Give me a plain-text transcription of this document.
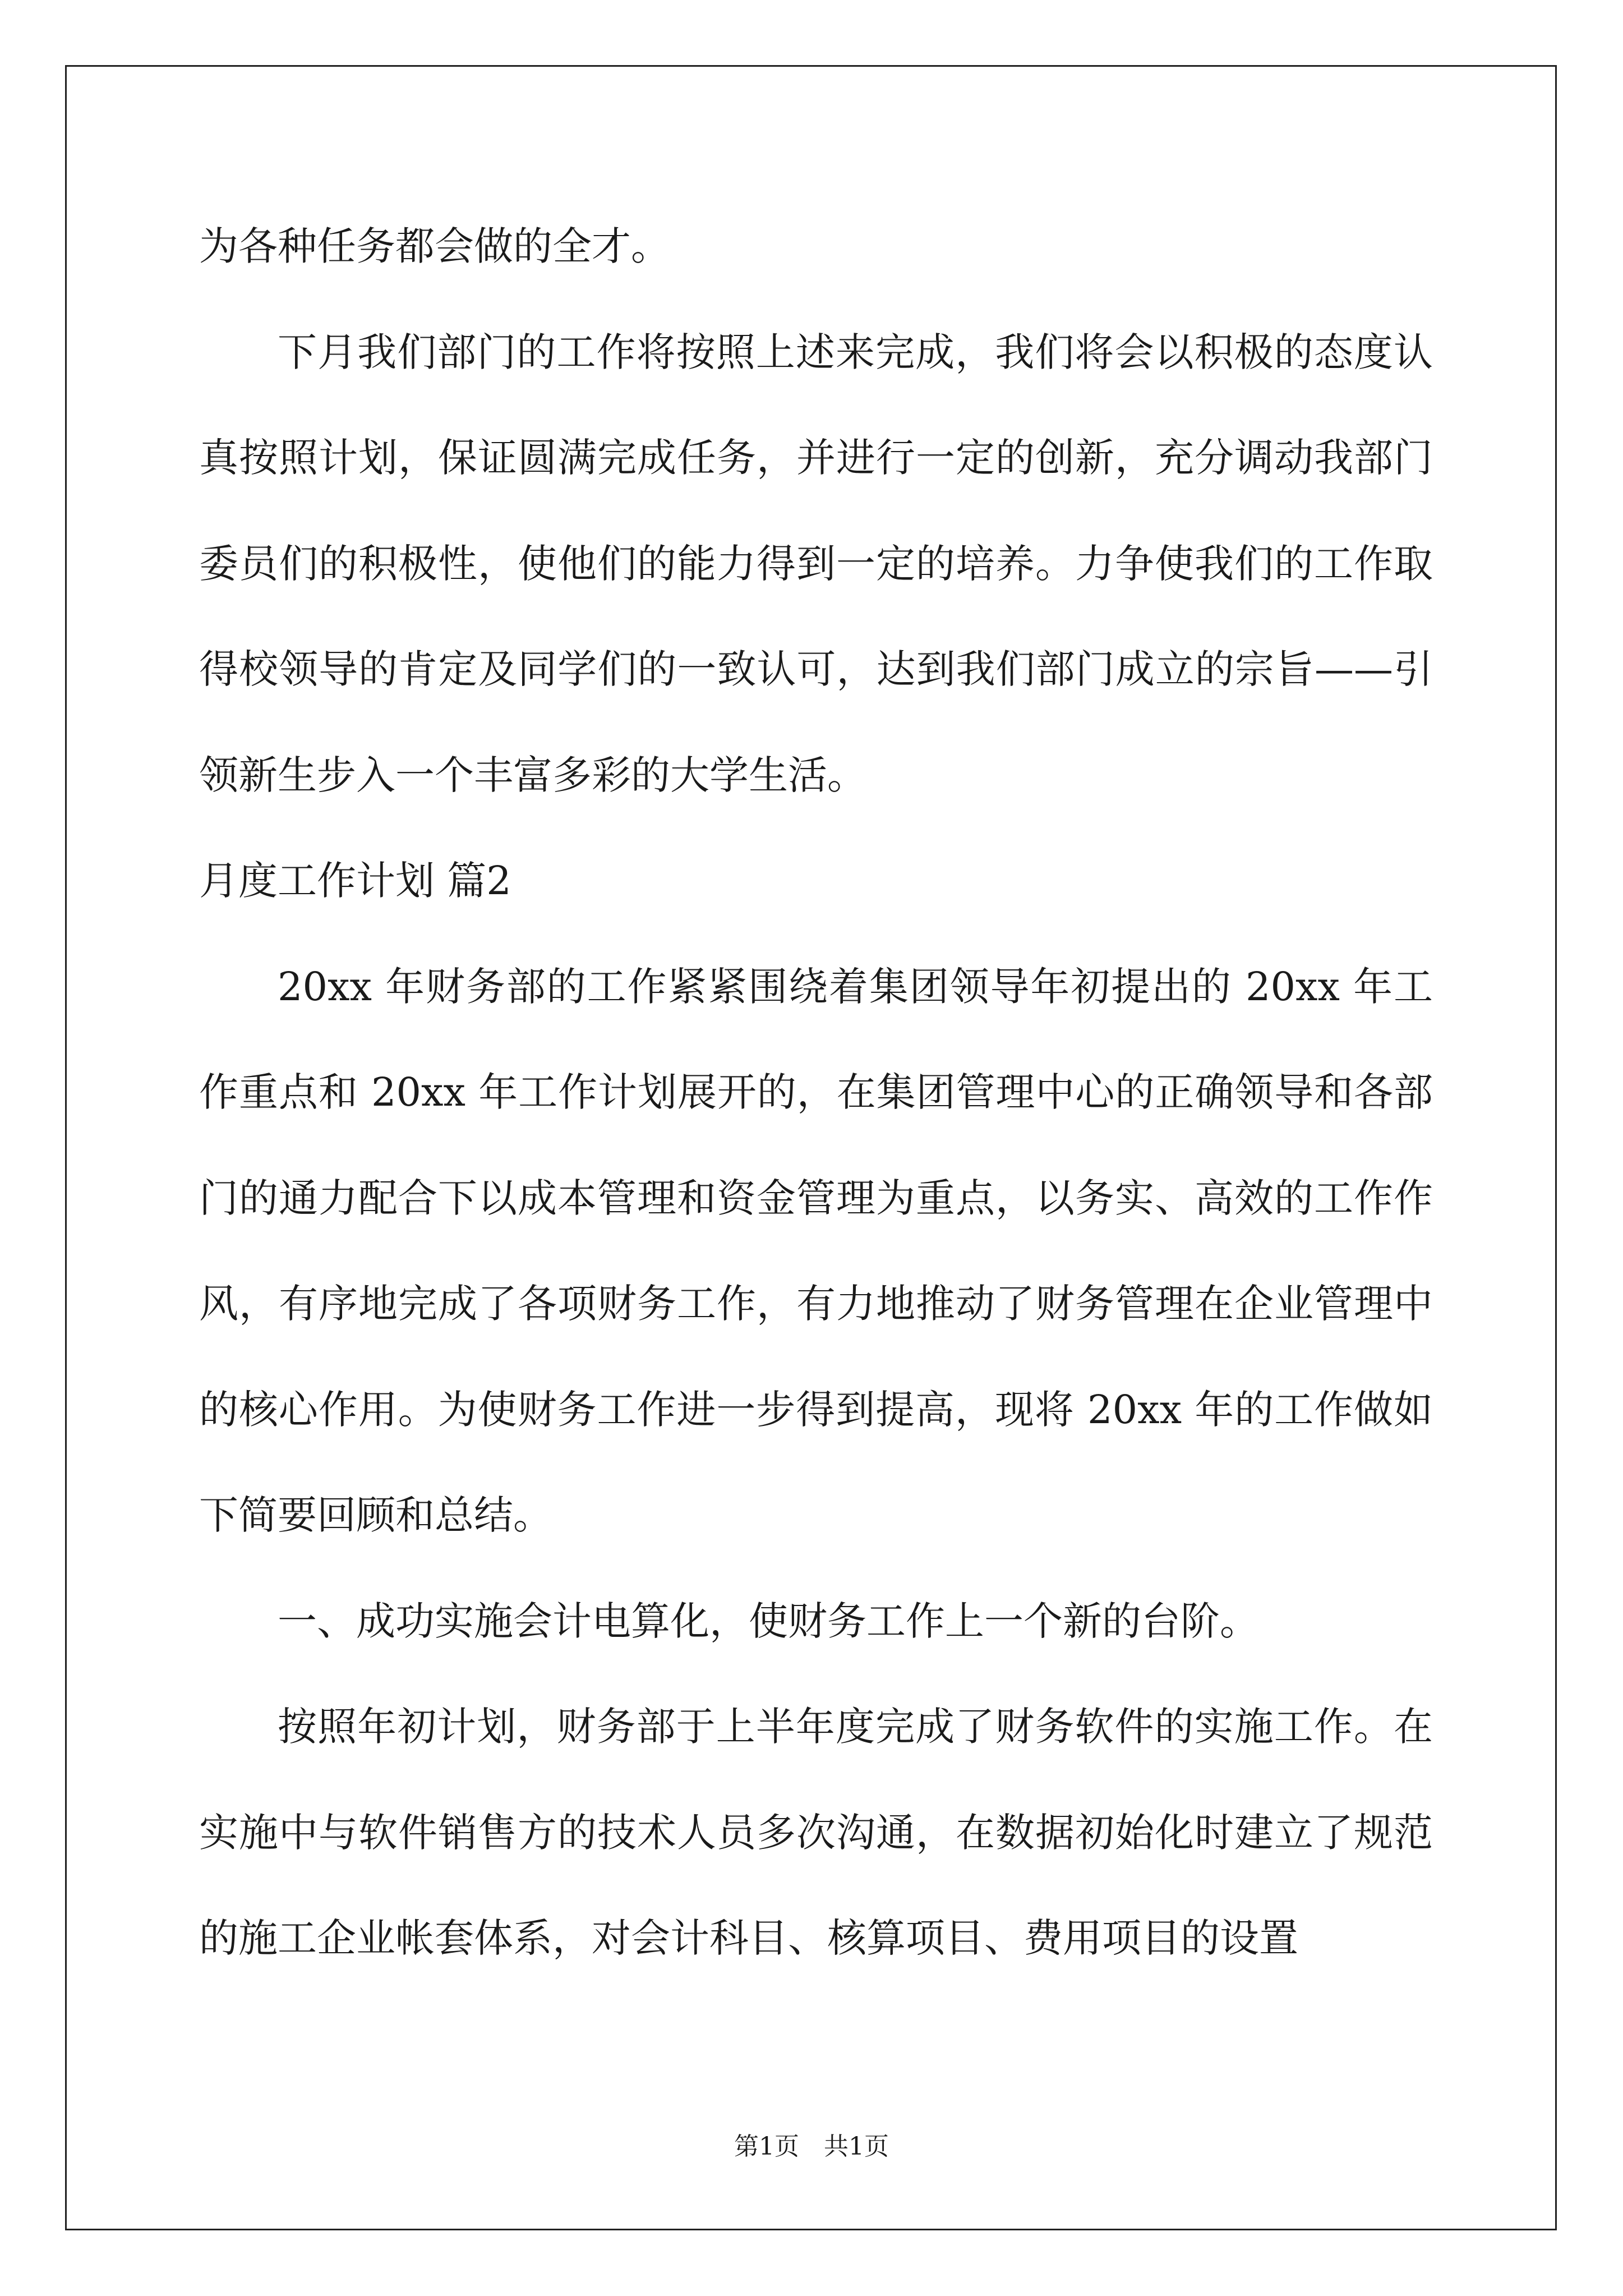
为各种任务都会做的全才。

下月我们部门的工作将按照上述来完成，我们将会以积极的态度认真按照计划，保证圆满完成任务，并进行一定的创新，充分调动我部门委员们的积极性，使他们的能力得到一定的培养。力争使我们的工作取得校领导的肯定及同学们的一致认可，达到我们部门成立的宗旨——引领新生步入一个丰富多彩的大学生活。

月度工作计划 篇2

20xx 年财务部的工作紧紧围绕着集团领导年初提出的 20xx 年工作重点和 20xx 年工作计划展开的，在集团管理中心的正确领导和各部门的通力配合下以成本管理和资金管理为重点，以务实、高效的工作作风，有序地完成了各项财务工作，有力地推动了财务管理在企业管理中的核心作用。为使财务工作进一步得到提高，现将 20xx 年的工作做如下简要回顾和总结。

一、成功实施会计电算化，使财务工作上一个新的台阶。

按照年初计划，财务部于上半年度完成了财务软件的实施工作。在实施中与软件销售方的技术人员多次沟通，在数据初始化时建立了规范的施工企业帐套体系，对会计科目、核算项目、费用项目的设置

第1页　共1页
